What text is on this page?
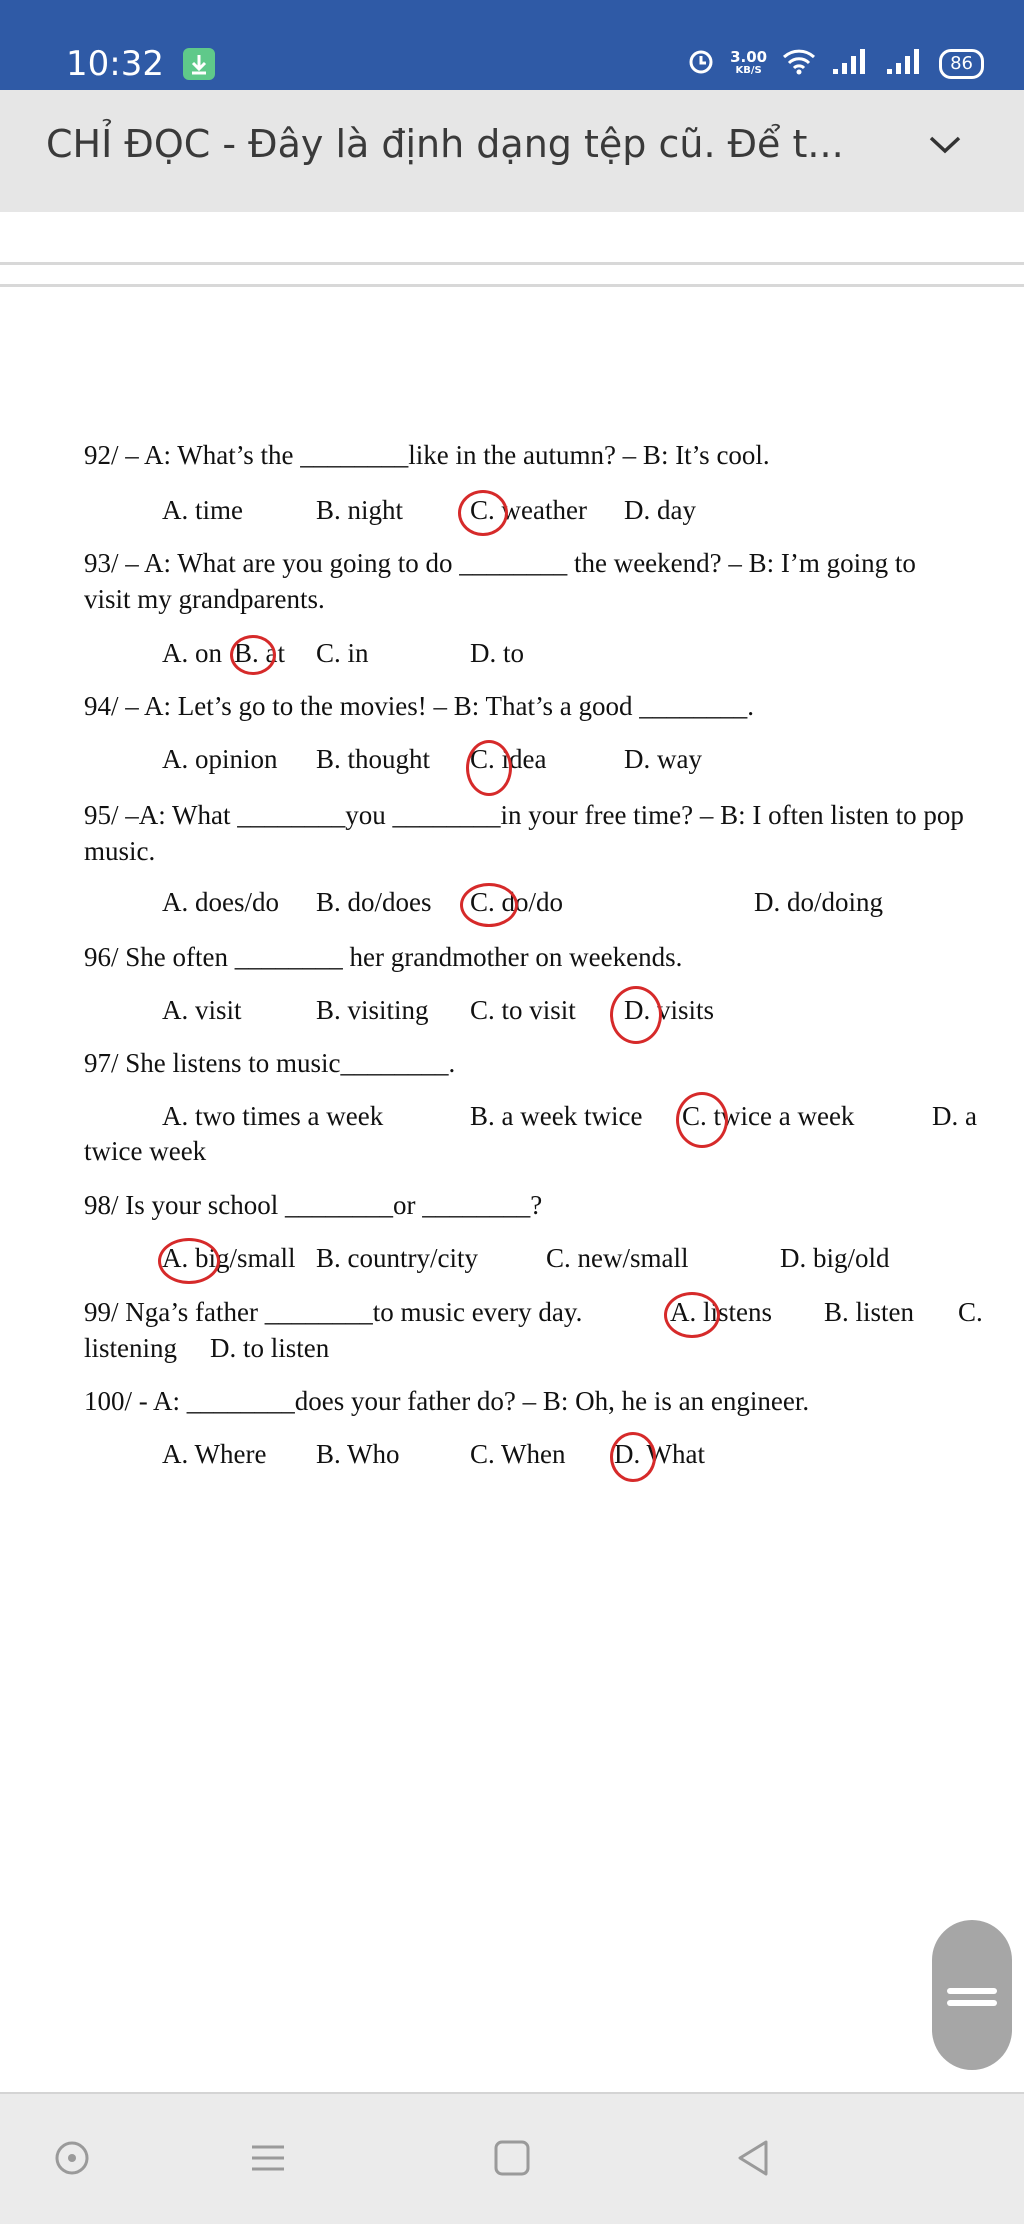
10:32	3.00
KB/S	86
CHỈ ĐỌC - Đây là định dạng tệp cũ. Để t...
92/ – A: What’s the ________like in the autumn? – B: It’s cool.
A. time	B. night C. weather D. day
93/ – A: What are you going to do ________ the weekend? – B: I’m going to
visit my grandparents.
A. on B. at C. in	D. to
94/ – A: Let’s go to the movies! – B: That’s a good ________.
A. opinion B. thought C. idea	D. way
95/ –A: What ________you ________in your free time? – B: I often listen to pop
music.
A. does/do B. do/does C. do/do	D. do/doing
96/ She often ________ her grandmother on weekends.
A. visit	B. visiting C. to visit D. visits
97/ She listens to music________.
A. two times a week	B. a week twice C. twice a week	D. a
twice week
98/ Is your school ________or ________?
A. big/small B. country/city	C. new/small	D. big/old
99/ Nga’s father ________to music every day.	A. listens B. listen C.
listening D. to listen
100/ - A: ________does your father do? – B: Oh, he is an engineer.
A. Where B. Who	C. When D. What
